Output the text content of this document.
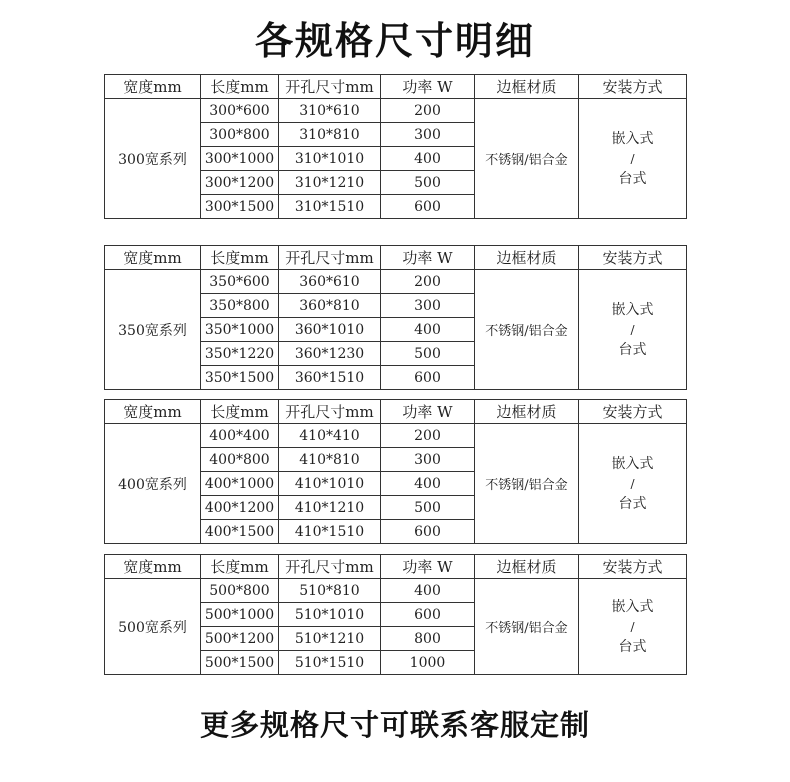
各规格尺寸明细
宽度mm	长度mm	开孔尺寸mm	功率 W	边框材质	安装方式
300宽系列	300*600	310*610	200	不锈钢/铝合金	嵌入式
/
台式

	300*800	310*810	300		
	300*1000	310*1010	400		
	300*1200	310*1210	500		
	300*1500	310*1510	600		
宽度mm	长度mm	开孔尺寸mm	功率 W	边框材质	安装方式
350宽系列	350*600	360*610	200	不锈钢/铝合金	嵌入式
/
台式

	350*800	360*810	300		
	350*1000	360*1010	400		
	350*1220	360*1230	500		
	350*1500	360*1510	600		
宽度mm	长度mm	开孔尺寸mm	功率 W	边框材质	安装方式
400宽系列	400*400	410*410	200	不锈钢/铝合金	嵌入式
/
台式

	400*800	410*810	300		
	400*1000	410*1010	400		
	400*1200	410*1210	500		
	400*1500	410*1510	600		
宽度mm	长度mm	开孔尺寸mm	功率 W	边框材质	安装方式
500宽系列	500*800	510*810	400	不锈钢/铝合金	嵌入式
/
台式

	500*1000	510*1010	600		
	500*1200	510*1210	800		
	500*1500	510*1510	1000		
更多规格尺寸可联系客服定制
